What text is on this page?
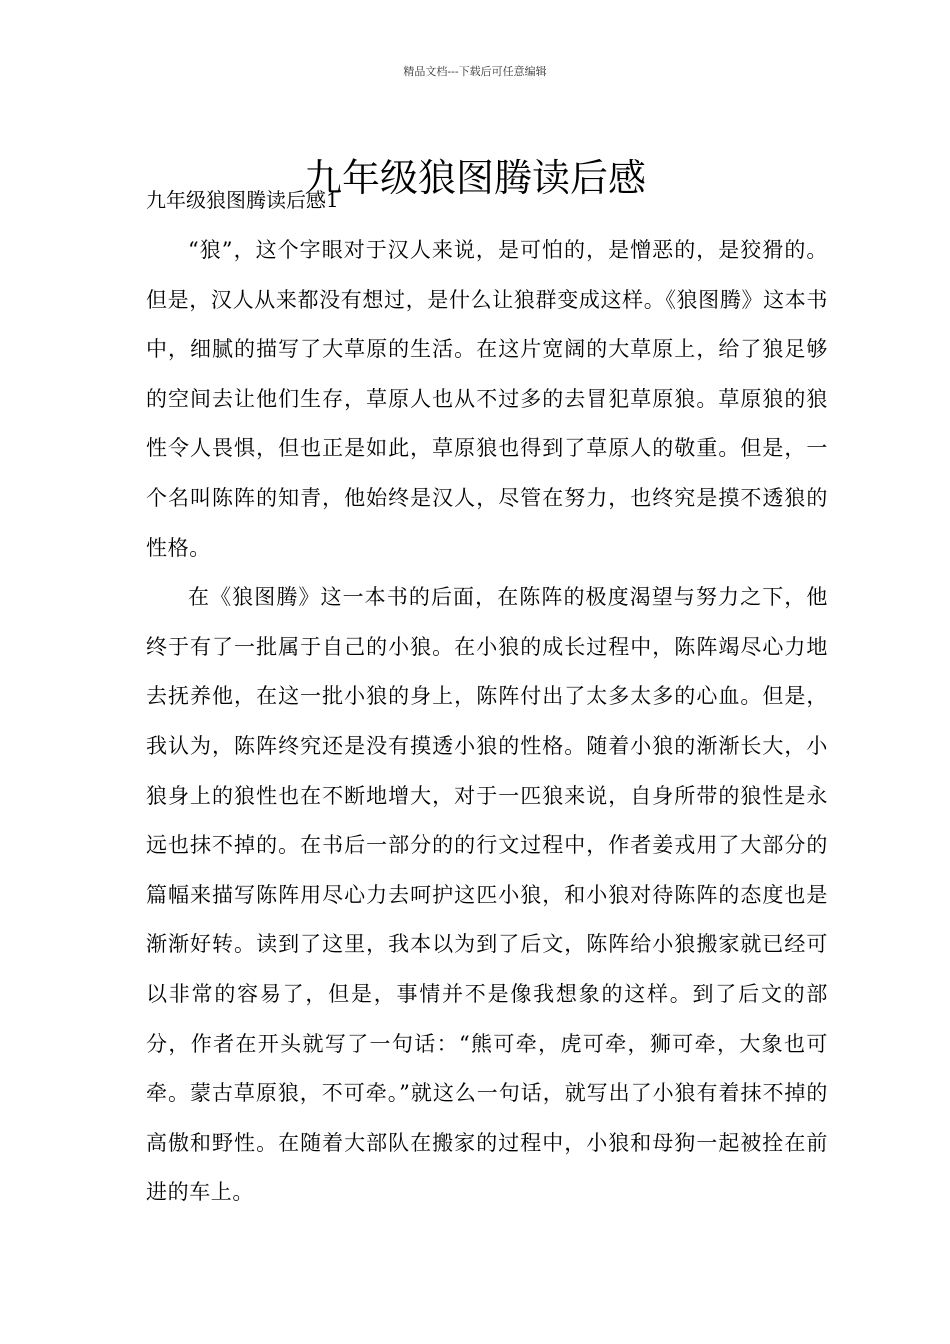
精品文档---下载后可任意编辑
九年级狼图腾读后感
九年级狼图腾读后感1

“狼”，这个字眼对于汉人来说，是可怕的，是憎恶的，是狡猾的。但是，汉人从来都没有想过，是什么让狼群变成这样。《狼图腾》这本书中，细腻的描写了大草原的生活。在这片宽阔的大草原上，给了狼足够的空间去让他们生存，草原人也从不过多的去冒犯草原狼。草原狼的狼性令人畏惧，但也正是如此，草原狼也得到了草原人的敬重。但是，一个名叫陈阵的知青，他始终是汉人，尽管在努力，也终究是摸不透狼的性格。

在《狼图腾》这一本书的后面，在陈阵的极度渴望与努力之下，他终于有了一批属于自己的小狼。在小狼的成长过程中，陈阵竭尽心力地去抚养他，在这一批小狼的身上，陈阵付出了太多太多的心血。但是，我认为，陈阵终究还是没有摸透小狼的性格。随着小狼的渐渐长大，小狼身上的狼性也在不断地增大，对于一匹狼来说，自身所带的狼性是永远也抹不掉的。在书后一部分的的行文过程中，作者姜戎用了大部分的篇幅来描写陈阵用尽心力去呵护这匹小狼，和小狼对待陈阵的态度也是渐渐好转。读到了这里，我本以为到了后文，陈阵给小狼搬家就已经可以非常的容易了，但是，事情并不是像我想象的这样。到了后文的部分，作者在开头就写了一句话：“熊可牵，虎可牵，狮可牵，大象也可牵。蒙古草原狼，不可牵。”就这么一句话，就写出了小狼有着抹不掉的高傲和野性。在随着大部队在搬家的过程中，小狼和母狗一起被拴在前进的车上。
